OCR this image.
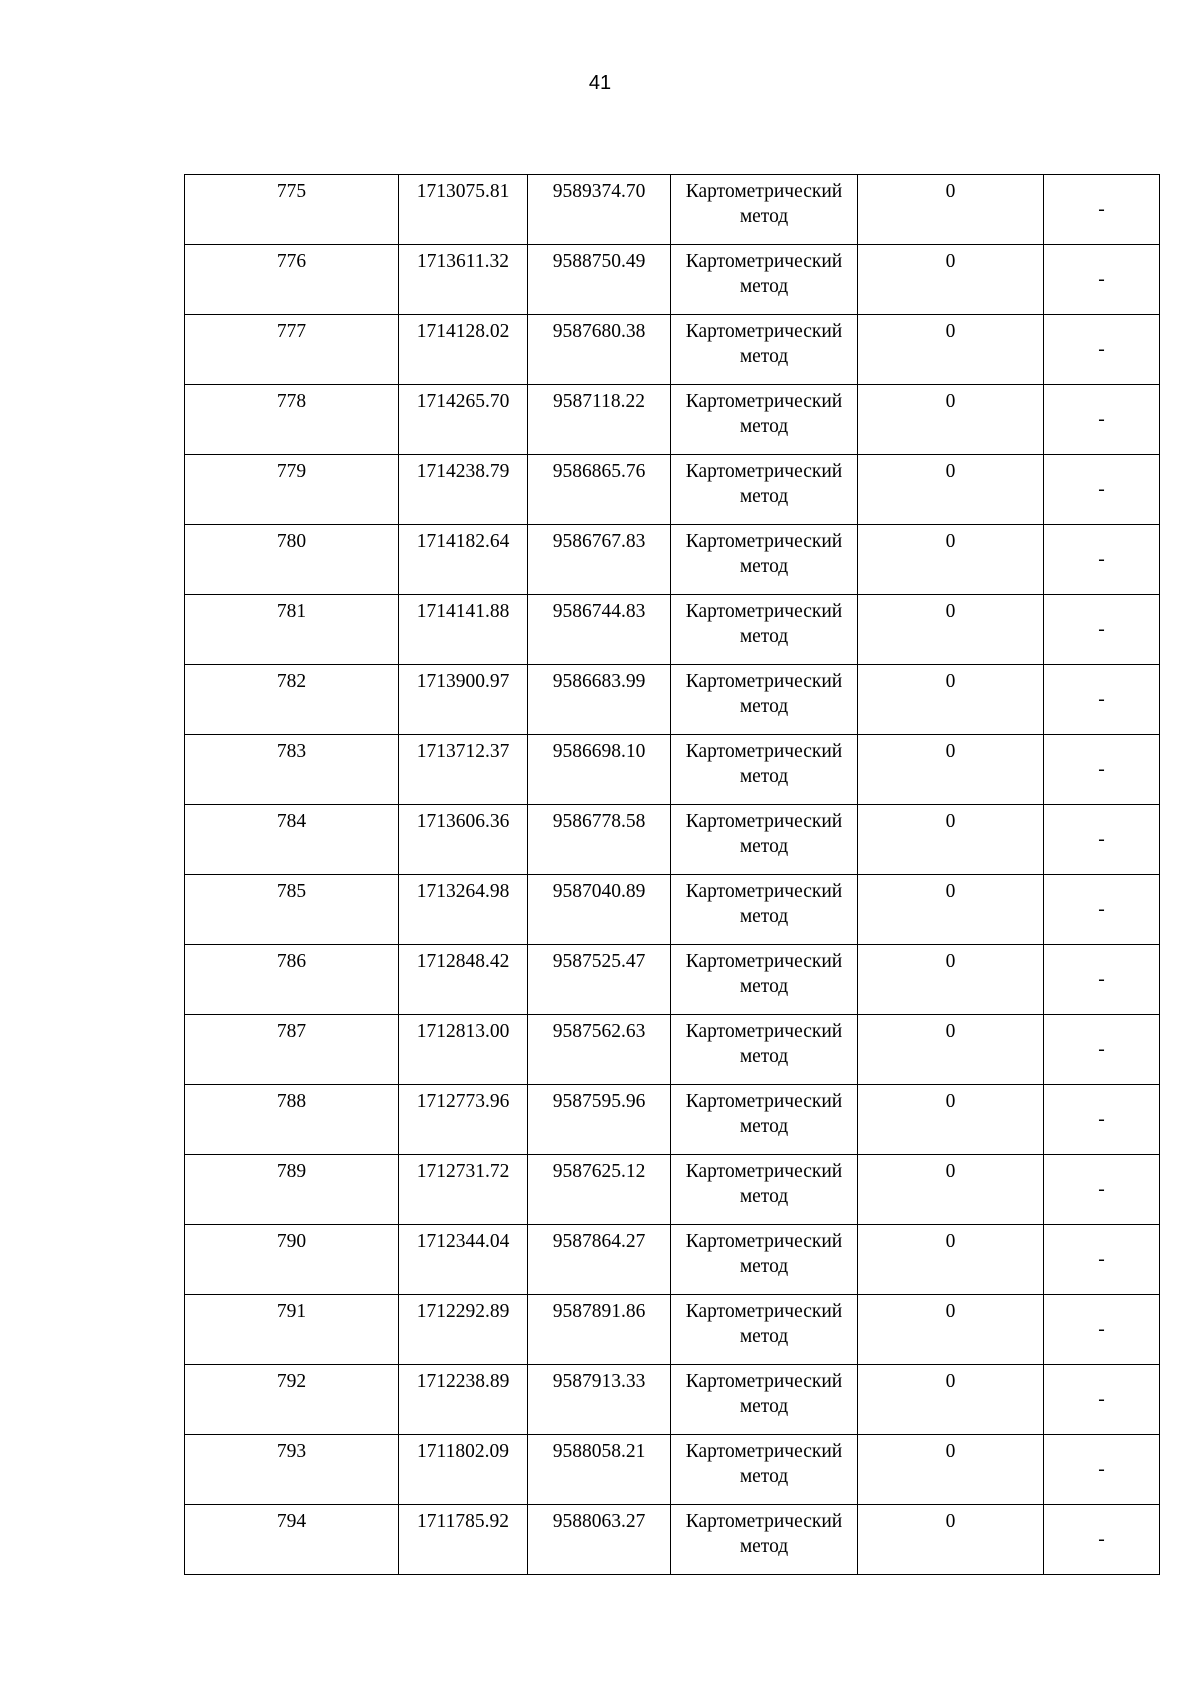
41
775	1713075.81	9589374.70	Картометрический
метод	0	-

776	1713611.32	9588750.49	Картометрический
метод	0	-

777	1714128.02	9587680.38	Картометрический
метод	0	-

778	1714265.70	9587118.22	Картометрический
метод	0	-

779	1714238.79	9586865.76	Картометрический
метод	0	-

780	1714182.64	9586767.83	Картометрический
метод	0	-

781	1714141.88	9586744.83	Картометрический
метод	0	-

782	1713900.97	9586683.99	Картометрический
метод	0	-

783	1713712.37	9586698.10	Картометрический
метод	0	-

784	1713606.36	9586778.58	Картометрический
метод	0	-

785	1713264.98	9587040.89	Картометрический
метод	0	-

786	1712848.42	9587525.47	Картометрический
метод	0	-

787	1712813.00	9587562.63	Картометрический
метод	0	-

788	1712773.96	9587595.96	Картометрический
метод	0	-

789	1712731.72	9587625.12	Картометрический
метод	0	-

790	1712344.04	9587864.27	Картометрический
метод	0	-

791	1712292.89	9587891.86	Картометрический
метод	0	-

792	1712238.89	9587913.33	Картометрический
метод	0	-

793	1711802.09	9588058.21	Картометрический
метод	0	-

794	1711785.92	9588063.27	Картометрический
метод	0	-
